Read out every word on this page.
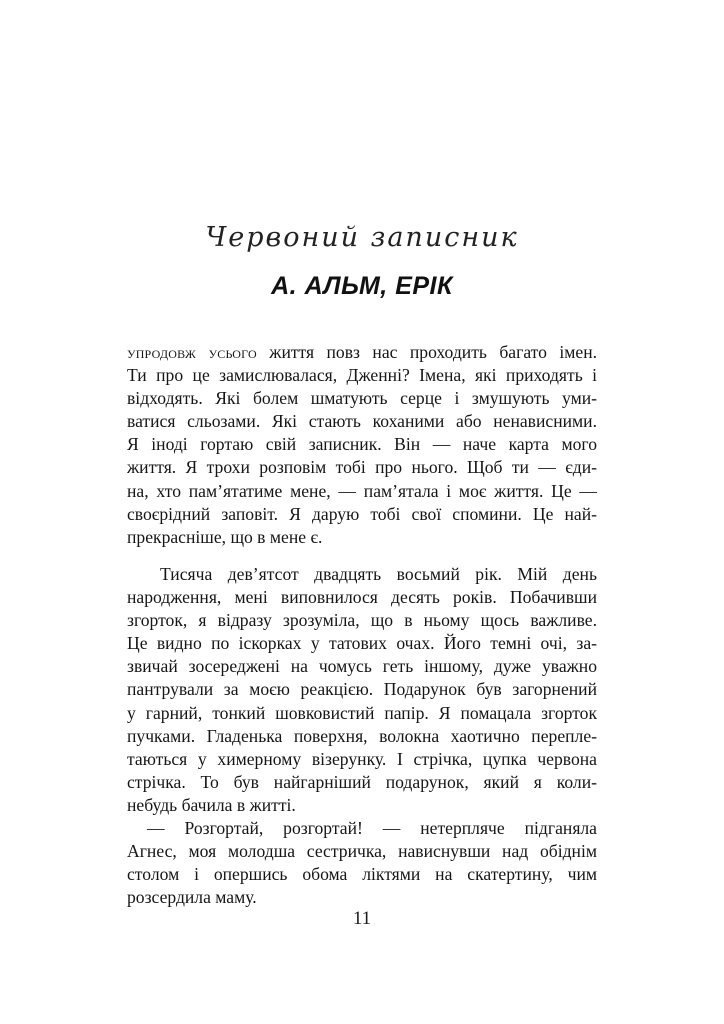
Червоний записник
А. АЛЬМ, ЕРІК
упродовж усього життя повз нас проходить багато імен.
Ти про це замислювалася, Дженні? Імена, які приходять і
відходять. Які болем шматують серце і змушують уми-
ватися сльозами. Які стають коханими або ненависними.
Я іноді гортаю свій записник. Він — наче карта мого
життя. Я трохи розповім тобі про нього. Щоб ти — єди-
на, хто пам’ятатиме мене, — пам’ятала і моє життя. Це —
своєрідний заповіт. Я дарую тобі свої спомини. Це най-
прекрасніше, що в мене є.
Тисяча дев’ятсот двадцять восьмий рік. Мій день
народження, мені виповнилося десять років. Побачивши
згорток, я відразу зрозуміла, що в ньому щось важливе.
Це видно по іскорках у татових очах. Його темні очі, за-
звичай зосереджені на чомусь геть іншому, дуже уважно
пантрували за моєю реакцією. Подарунок був загорнений
у гарний, тонкий шовковистий папір. Я помацала згорток
пучками. Гладенька поверхня, волокна хаотично перепле-
таються у химерному візерунку. І стрічка, цупка червона
стрічка. То був найгарніший подарунок, який я коли-
небудь бачила в житті.
— Розгортай, розгортай! — нетерпляче підганяла
Агнес, моя молодша сестричка, нависнувши над обіднім
столом і опершись обома ліктями на скатертину, чим
розсердила маму.
11
